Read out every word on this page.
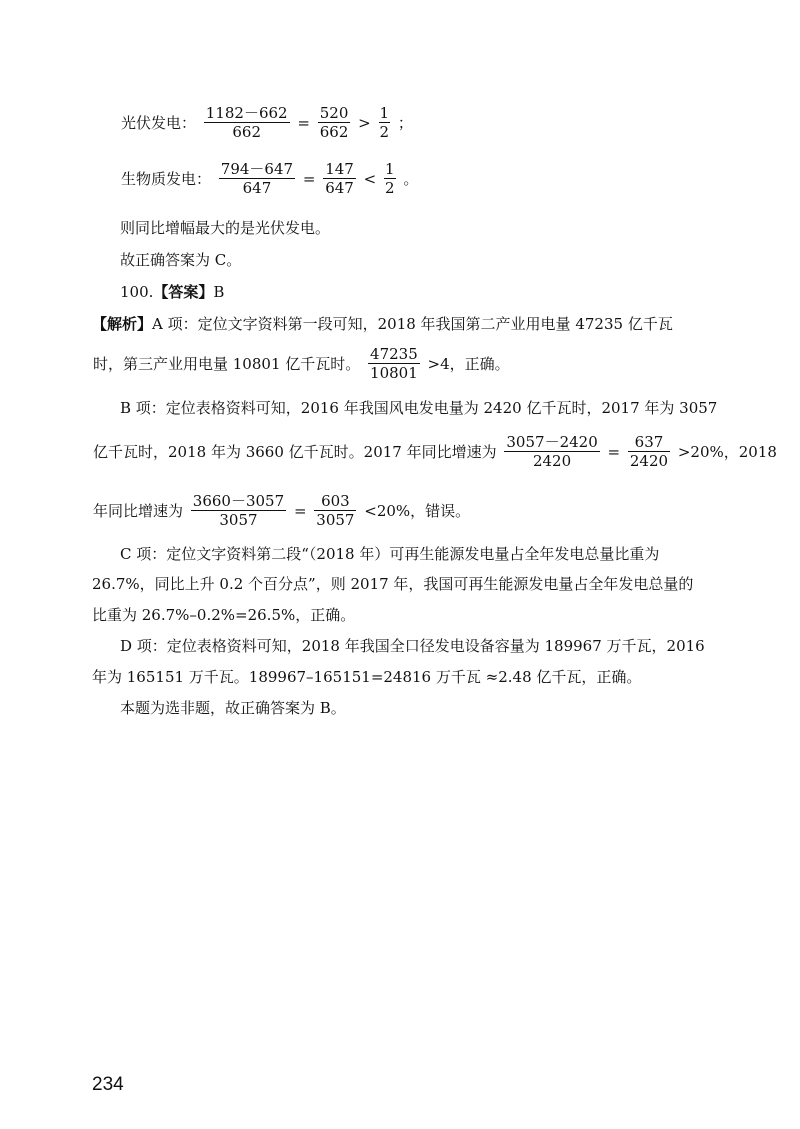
光伏发电： $\frac{1182-662}{662} = \frac{520}{662} > \frac{1}{2}$ ；
生物质发电： $\frac{794-647}{647} = \frac{147}{647} < \frac{1}{2}$ 。
则同比增幅最大的是光伏发电。
故正确答案为 C。
100.【答案】B
【解析】A 项：定位文字资料第一段可知，2018 年我国第二产业用电量 47235 亿千瓦
时，第三产业用电量 10801 亿千瓦时。 $\frac{47235}{10801} >4$，正确。
B 项：定位表格资料可知，2016 年我国风电发电量为 2420 亿千瓦时，2017 年为 3057
亿千瓦时，2018 年为 3660 亿千瓦时。2017 年同比增速为 $\frac{3057-2420}{2420} = \frac{637}{2420} >20\%$，2018
年同比增速为 $\frac{3660-3057}{3057} = \frac{603}{3057} <20\%$，错误。
C 项：定位文字资料第二段“（2018 年）可再生能源发电量占全年发电总量比重为
26.7%，同比上升 0.2 个百分点”，则 2017 年，我国可再生能源发电量占全年发电总量的
比重为 26.7%–0.2%=26.5%，正确。
D 项：定位表格资料可知，2018 年我国全口径发电设备容量为 189967 万千瓦，2016
年为 165151 万千瓦。189967–165151=24816 万千瓦 ≈2.48 亿千瓦，正确。
本题为选非题，故正确答案为 B。
234
